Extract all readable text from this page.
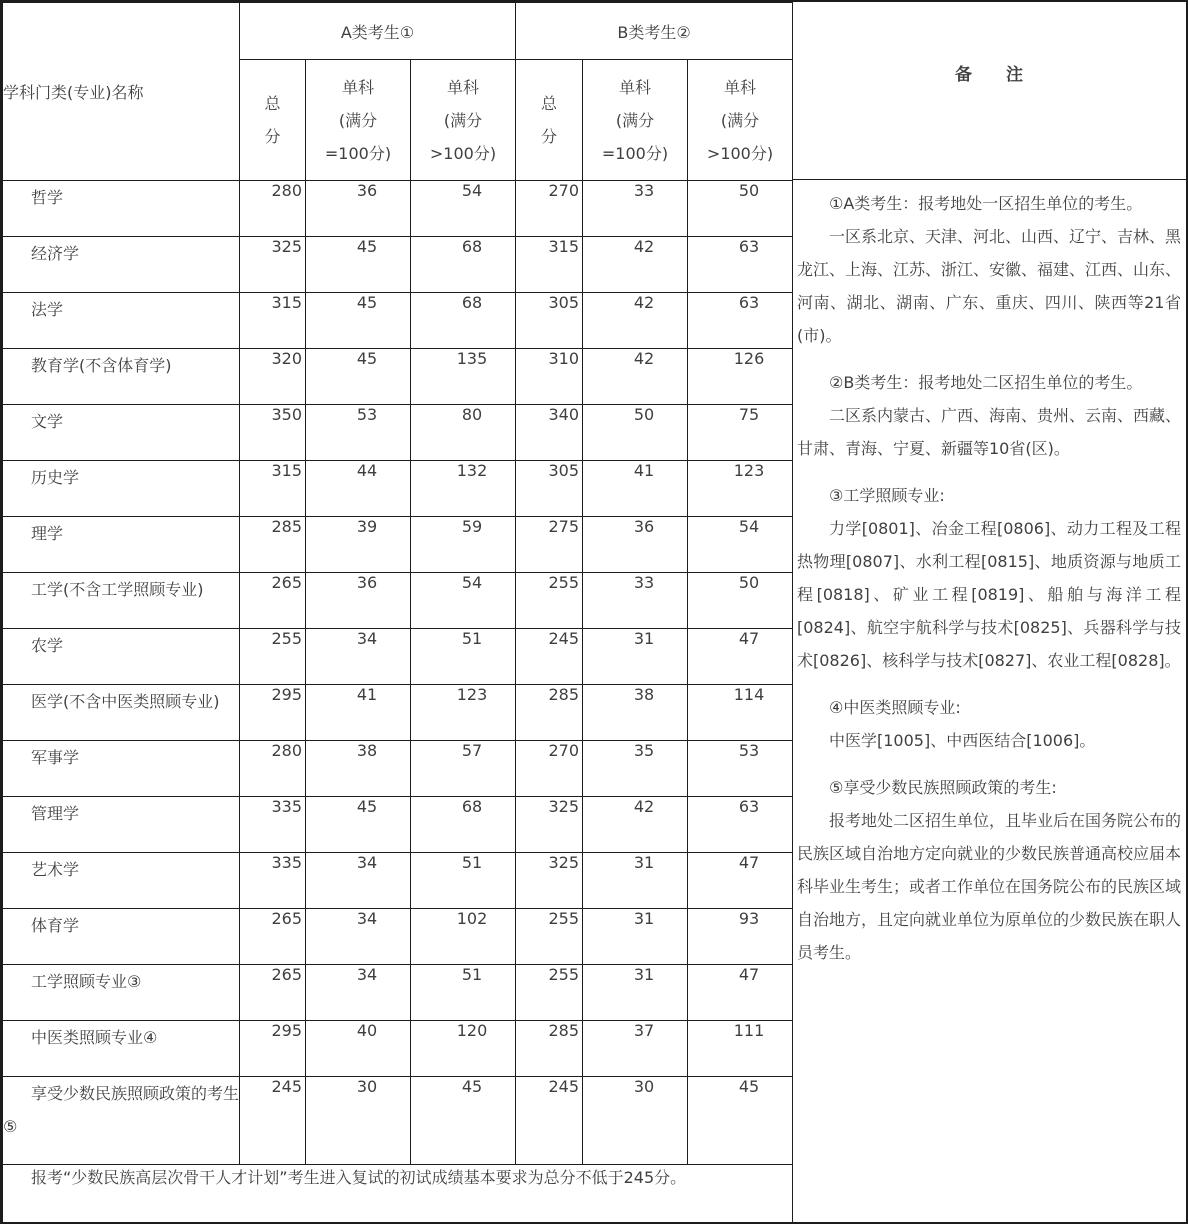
学科门类(专业)名称	A类考生①			B类考生②		

总
分

单科
(满分
=100分)

单科
(满分
>100分)

总
分

单科
(满分
=100分)

单科
(满分
>100分)

哲学	280	36	54	270	33	50
经济学	325	45	68	315	42	63
法学	315	45	68	305	42	63
教育学(不含体育学)	320	45	135	310	42	126
文学	350	53	80	340	50	75
历史学	315	44	132	305	41	123
理学	285	39	59	275	36	54
工学(不含工学照顾专业)	265	36	54	255	33	50
农学	255	34	51	245	31	47
医学(不含中医类照顾专业)	295	41	123	285	38	114
军事学	280	38	57	270	35	53
管理学	335	45	68	325	42	63
艺术学	335	34	51	325	31	47
体育学	265	34	102	255	31	93
工学照顾专业③	265	34	51	255	31	47
中医类照顾专业④	295	40	120	285	37	111
享受少数民族照顾政策的考生⑤	245	30	45	245	30	45
报考“少数民族高层次骨干人才计划”考生进入复试的初试成绩基本要求为总分不低于245分。						
备　　注

①A类考生：报考地处一区招生单位的考生。

一区系北京、天津、河北、山西、辽宁、吉林、黑龙江、上海、江苏、浙江、安徽、福建、江西、山东、河南、湖北、湖南、广东、重庆、四川、陕西等21省(市)。

②B类考生：报考地处二区招生单位的考生。

二区系内蒙古、广西、海南、贵州、云南、西藏、甘肃、青海、宁夏、新疆等10省(区)。

③工学照顾专业:

力学[0801]、冶金工程[0806]、动力工程及工程热物理[0807]、水利工程[0815]、地质资源与地质工程[0818]、矿业工程[0819]、船舶与海洋工程[0824]、航空宇航科学与技术[0825]、兵器科学与技术[0826]、核科学与技术[0827]、农业工程[0828]。

④中医类照顾专业:

中医学[1005]、中西医结合[1006]。

⑤享受少数民族照顾政策的考生:

报考地处二区招生单位，且毕业后在国务院公布的民族区域自治地方定向就业的少数民族普通高校应届本科毕业生考生；或者工作单位在国务院公布的民族区域自治地方，且定向就业单位为原单位的少数民族在职人员考生。
